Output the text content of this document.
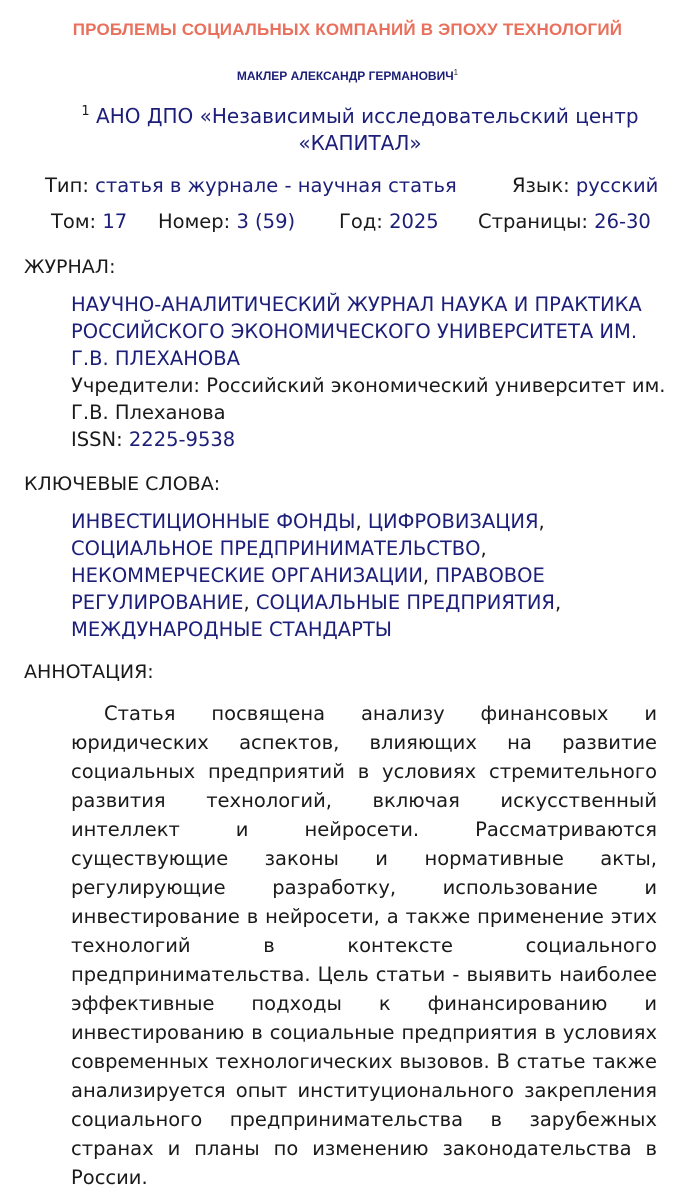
ПРОБЛЕМЫ СОЦИАЛЬНЫХ КОМПАНИЙ В ЭПОХУ ТЕХНОЛОГИЙ
МАКЛЕР АЛЕКСАНДР ГЕРМАНОВИЧ$^1$
$^1$ АНО ДПО «Независимый исследовательский центр «КАПИТАЛ»
Тип: статья в журнале - научная статья	Язык: русский
Том: 17 Номер: 3 (59) Год: 2025 Страницы: 26-30
ЖУРНАЛ:
НАУЧНО-АНАЛИТИЧЕСКИЙ ЖУРНАЛ НАУКА И ПРАКТИКА РОССИЙСКОГО ЭКОНОМИЧЕСКОГО УНИВЕРСИТЕТА ИМ. Г.В. ПЛЕХАНОВА
Учредители: Российский экономический университет им. Г.В. Плеханова
ISSN: 2225-9538
КЛЮЧЕВЫЕ СЛОВА:
ИНВЕСТИЦИОННЫЕ ФОНДЫ, ЦИФРОВИЗАЦИЯ,
СОЦИАЛЬНОЕ ПРЕДПРИНИМАТЕЛЬСТВО,
НЕКОММЕРЧЕСКИЕ ОРГАНИЗАЦИИ, ПРАВОВОЕ РЕГУЛИРОВАНИЕ, СОЦИАЛЬНЫЕ ПРЕДПРИЯТИЯ,
МЕЖДУНАРОДНЫЕ СТАНДАРТЫ
АННОТАЦИЯ:

Статья посвящена анализу финансовых и юридических аспектов, влияющих на развитие социальных предприятий в условиях стремительного развития технологий, включая искусственный интеллект и нейросети. Рассматриваются существующие законы и нормативные акты, регулирующие разработку, использование и инвестирование в нейросети, а также применение этих технологий в контексте социального предпринимательства. Цель статьи - выявить наиболее эффективные подходы к финансированию и инвестированию в социальные предприятия в условиях современных технологических вызовов. В статье также анализируется опыт институционального закрепления социального предпринимательства в зарубежных странах и планы по изменению законодательства в России.
